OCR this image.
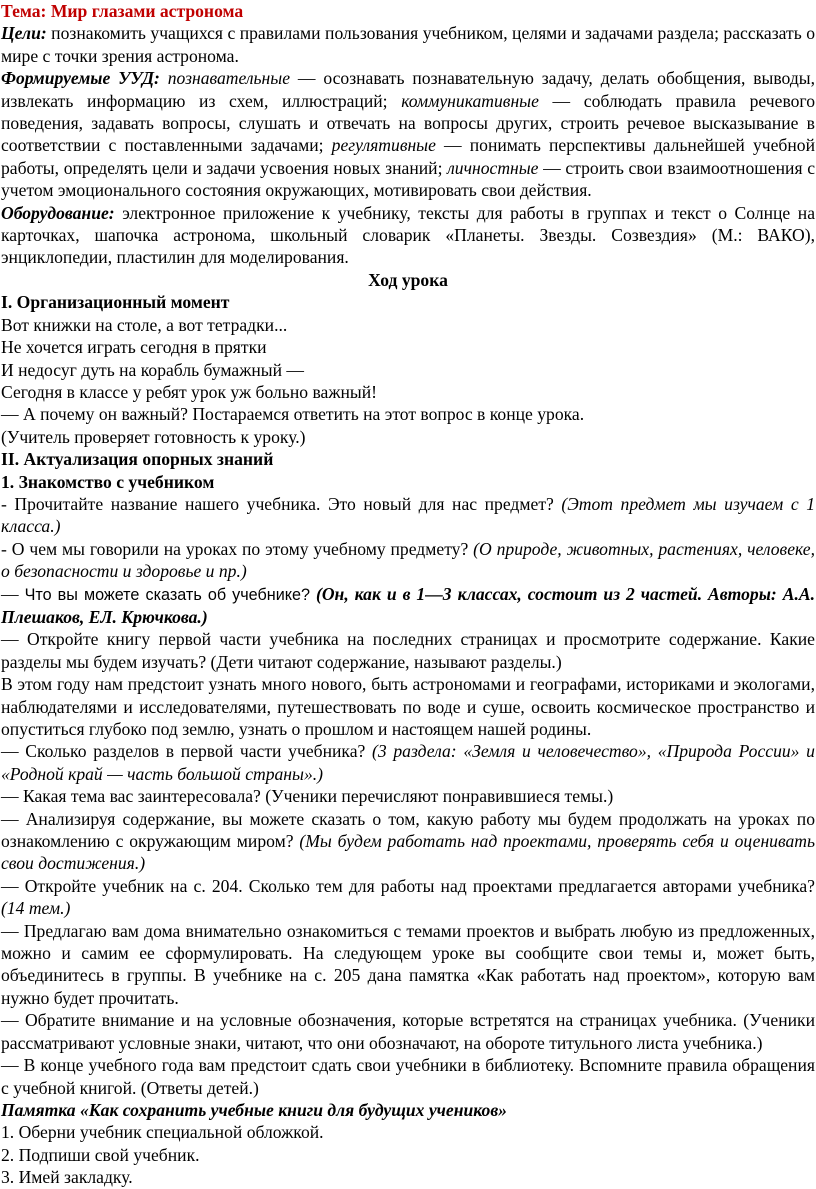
Тема: Мир глазами астронома

Цели: познакомить учащихся с правилами пользования учебником, целями и задачами раздела; рассказать о мире с точки зрения астронома.

Формируемые УУД: познавательные — осознавать познавательную задачу, делать обобщения, выводы, извлекать информацию из схем, иллюстраций; коммуникативные — соблюдать правила речевого поведения, задавать вопросы, слушать и отвечать на вопросы других, строить речевое высказывание в соответствии с поставленными задачами; регулятивные — понимать перспективы дальнейшей учебной работы, определять цели и задачи усвоения новых знаний; личностные — строить свои взаимоотношения с учетом эмоционального состояния окружающих, мотивировать свои действия.

Оборудование: электронное приложение к учебнику, тексты для работы в группах и текст о Солнце на карточках, шапочка астронома, школьный словарик «Планеты. Звезды. Созвездия» (М.: ВАКО), энциклопедии, пластилин для моделирования.

Ход урока

I. Организационный момент

Вот книжки на столе, а вот тетрадки...

Не хочется играть сегодня в прятки

И недосуг дуть на корабль бумажный —

Сегодня в классе у ребят урок уж больно важный!

— А почему он важный? Постараемся ответить на этот вопрос в конце урока.

(Учитель проверяет готовность к уроку.)

II. Актуализация опорных знаний

1. Знакомство с учебником

- Прочитайте название нашего учебника. Это новый для нас предмет? (Этот предмет мы изучаем с 1 класса.)

- О чем мы говорили на уроках по этому учебному предмету? (О природе, животных, растениях, человеке, о безопасности и здоровье и пр.)

— Что вы можете сказать об учебнике? (Он, как и в 1—3 классах, состоит из 2 частей. Авторы: А.А. Плешаков, ЕЛ. Крючкова.)

— Откройте книгу первой части учебника на последних страницах и просмотрите содержание. Какие разделы мы будем изучать? (Дети читают содержание, называют разделы.)

В этом году нам предстоит узнать много нового, быть астрономами и географами, историками и экологами, наблюдателями и исследователями, путешествовать по воде и суше, освоить космическое пространство и опуститься глубоко под землю, узнать о прошлом и настоящем нашей родины.

— Сколько разделов в первой части учебника? (3 раздела: «Земля и человечество», «Природа России» и «Родной край — часть большой страны».)

— Какая тема вас заинтересовала? (Ученики перечисляют понравившиеся темы.)

— Анализируя содержание, вы можете сказать о том, какую работу мы будем продолжать на уроках по ознакомлению с окружающим миром? (Мы будем работать над проектами, проверять себя и оценивать свои достижения.)

— Откройте учебник на с. 204. Сколько тем для работы над проектами предлагается авторами учебника? (14 тем.)

— Предлагаю вам дома внимательно ознакомиться с темами проектов и выбрать любую из предложенных, можно и самим ее сформулировать. На следующем уроке вы сообщите свои темы и, может быть, объединитесь в группы. В учебнике на с. 205 дана памятка «Как работать над проектом», которую вам нужно будет прочитать.

— Обратите внимание и на условные обозначения, которые встретятся на страницах учебника. (Ученики рассматривают условные знаки, читают, что они обозначают, на обороте титульного листа учебника.)

— В конце учебного года вам предстоит сдать свои учебники в библиотеку. Вспомните правила обращения с учебной книгой. (Ответы детей.)

Памятка «Как сохранить учебные книги для будущих учеников»

1. Оберни учебник специальной обложкой.

2. Подпиши свой учебник.

3. Имей закладку.
